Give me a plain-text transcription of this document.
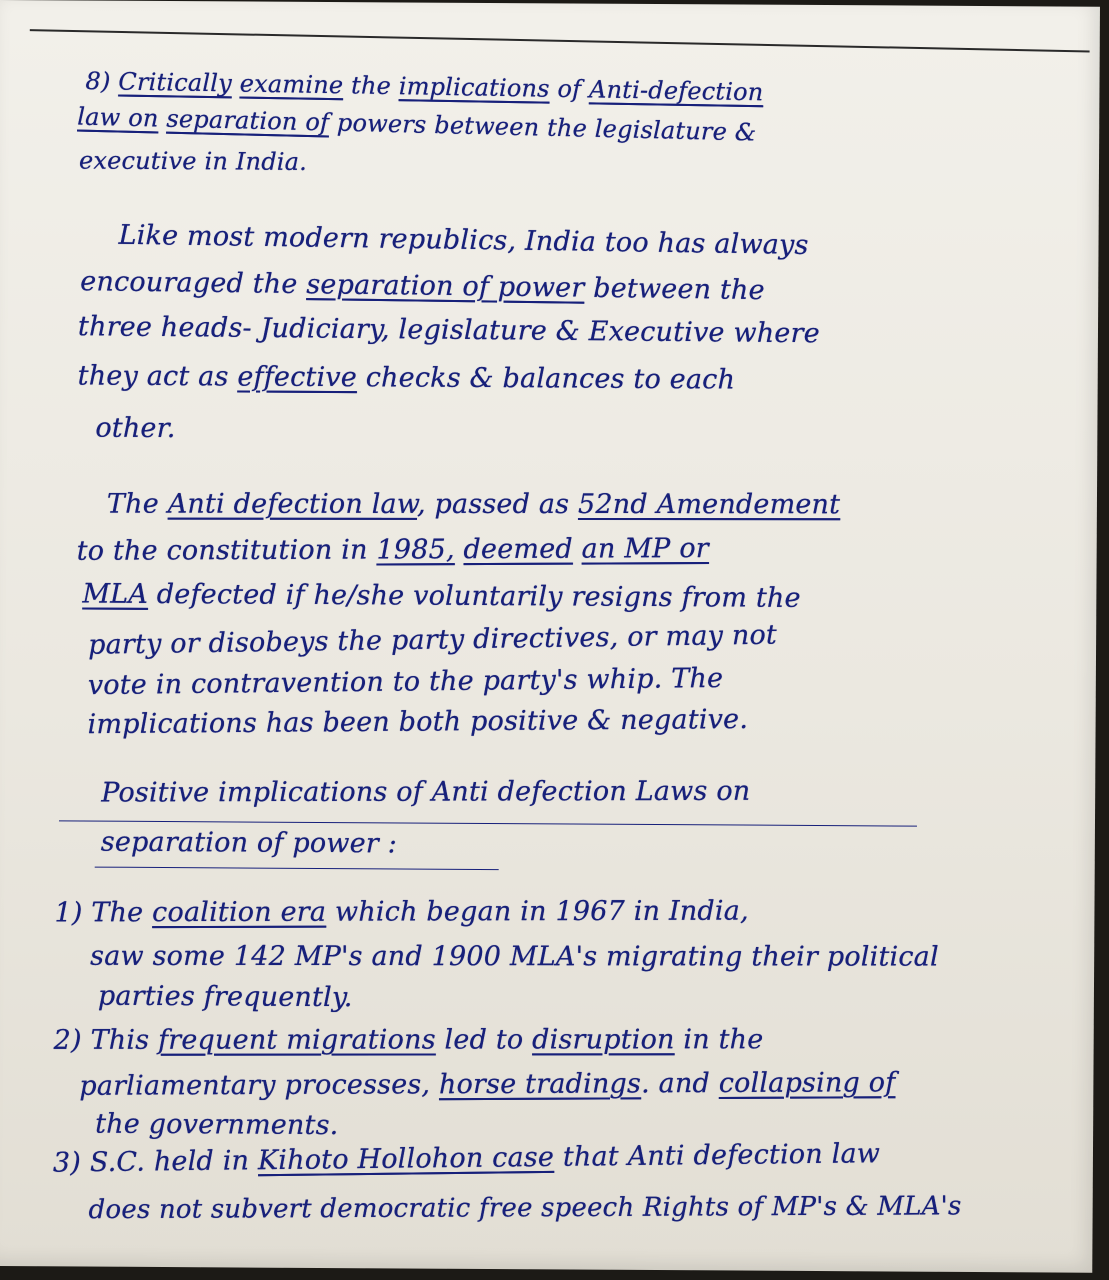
8) Critically examine the implications of Anti-defection
law on separation of powers between the legislature &
executive in India.
Like most modern republics, India too has always
encouraged the separation of power between the
three heads- Judiciary, legislature & Executive where
they act as effective checks & balances to each
other.
The Anti defection law, passed as 52nd Amendement
to the constitution in 1985, deemed an MP or
MLA defected if he/she voluntarily resigns from the
party or disobeys the party directives, or may not
vote in contravention to the party's whip. The
implications has been both positive & negative.
Positive implications of Anti defection Laws on
separation of power :
1) The coalition era which began in 1967 in India,
saw some 142 MP's and 1900 MLA's migrating their political
parties frequently.
2) This frequent migrations led to disruption in the
parliamentary processes, horse tradings. and collapsing of
the governments.
3) S.C. held in Kihoto Hollohon case that Anti defection law
does not subvert democratic free speech Rights of MP's & MLA's
